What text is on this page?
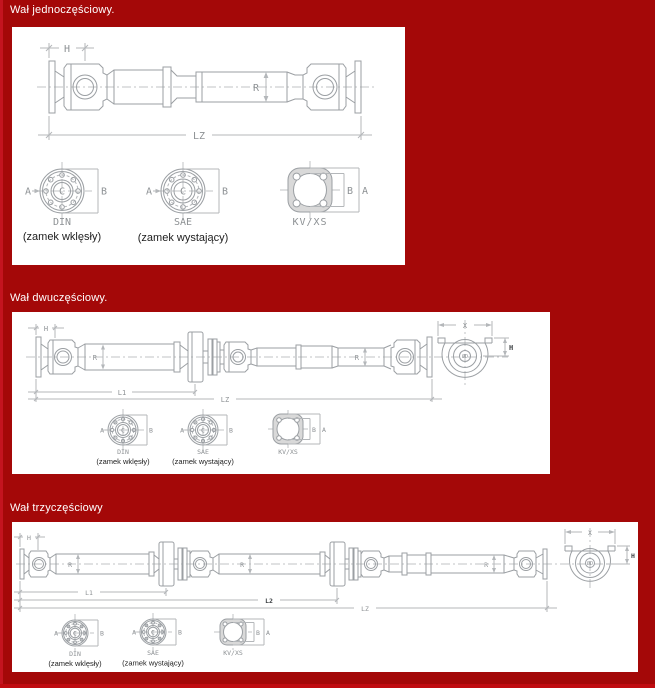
Wał jednoczęściowy.
H
R
LZ
C
A	B
DIN
(zamek wklęsły)
C
A	B
SAE
(zamek wystający)
B A
KV/XS
Wał dwuczęściowy.
H
R	R
L1
LZ
ØD
X
H
C
A	B
DIN
(zamek wklęsły)
C
A	B
SAE
(zamek wystający)
B A
KV/XS
Wał trzyczęściowy
H
R	R	R
L1
L2
LZ
ØD
X
H
C
A	B
DIN
(zamek wklęsły)
C
A	B
SAE
(zamek wystający)
B A
KV/XS
